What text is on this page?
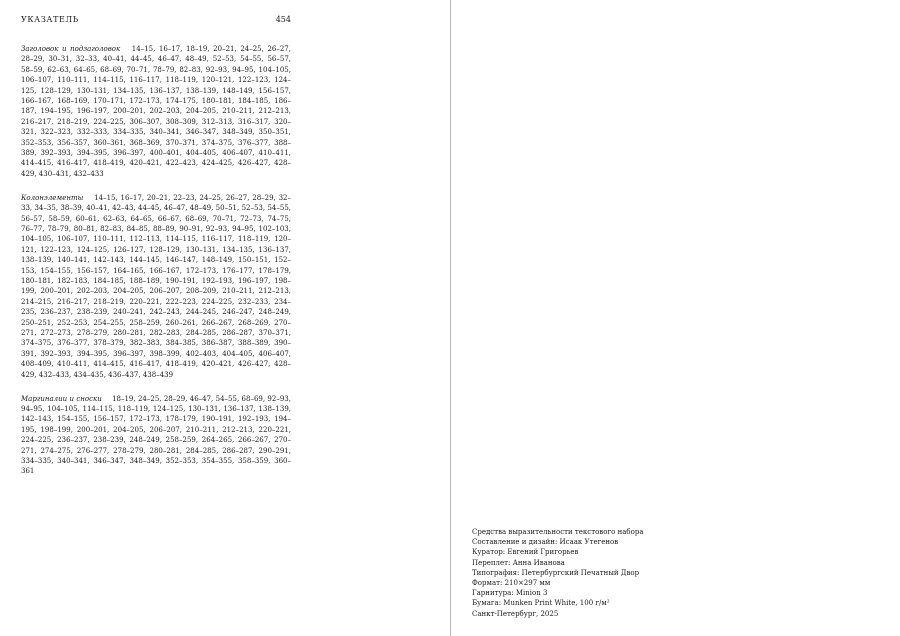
УКАЗАТЕЛЬ	454

Заголовок и подзаголовок 14–15, 16–17, 18–19, 20–21, 24–25, 26–27, 28–29, 30–31, 32–33, 40–41, 44–45, 46–47, 48–49, 52–53, 54–55, 56–57, 58–59, 62–63, 64–65, 68–69, 70–71, 78–79, 82–83, 92–93, 94–95, 104–105, 106–107, 110–111, 114–115, 116–117, 118–119, 120–121, 122–123, 124–125, 128–129, 130–131, 134–135, 136–137, 138–139, 148–149, 156–157, 166–167, 168–169, 170–171, 172–173, 174–175, 180–181, 184–185, 186–187, 194–195, 196–197, 200–201, 202–203, 204–205, 210–211, 212–213, 216–217, 218–219, 224–225, 306–307, 308–309, 312–313, 316–317, 320–321, 322–323, 332–333, 334–335, 340–341, 346–347, 348–349, 350–351, 352–353, 356–357, 360–361, 368–369, 370–371, 374–375, 376–377, 388–389, 392–393, 394–395, 396–397, 400–401, 404–405, 406–407, 410–411, 414–415, 416–417, 418–419, 420–421, 422–423, 424–425, 426–427, 428–429, 430–431, 432–433

Колонэлементы 14–15, 16–17, 20–21, 22–23, 24–25, 26–27, 28–29, 32–33, 34–35, 38–39, 40–41, 42–43, 44–45, 46–47, 48–49, 50–51, 52–53, 54–55, 56–57, 58–59, 60–61, 62–63, 64–65, 66–67, 68–69, 70–71, 72–73, 74–75, 76–77, 78–79, 80–81, 82–83, 84–85, 88–89, 90–91, 92–93, 94–95, 102–103, 104–105, 106–107, 110–111, 112–113, 114–115, 116–117, 118–119, 120–121, 122–123, 124–125, 126–127, 128–129, 130–131, 134–135, 136–137, 138–139, 140–141, 142–143, 144–145, 146–147, 148–149, 150–151, 152–153, 154–155, 156–157, 164–165, 166–167, 172–173, 176–177, 178–179, 180–181, 182–183, 184–185, 188–189, 190–191, 192–193, 196–197, 198–199, 200–201, 202–203, 204–205, 206–207, 208–209, 210–211, 212–213, 214–215, 216–217, 218–219, 220–221, 222–223, 224–225, 232–233, 234–235, 236–237, 238–239, 240–241, 242–243, 244–245, 246–247, 248–249, 250–251, 252–253, 254–255, 258–259, 260–261, 266–267, 268–269, 270–271, 272–273, 278–279, 280–281, 282–283, 284–285, 286–287, 370–371, 374–375, 376–377, 378–379, 382–383, 384–385, 386–387, 388–389, 390–391, 392–393, 394–395, 396–397, 398–399, 402–403, 404–405, 406–407, 408–409, 410–411, 414–415, 416–417, 418–419, 420–421, 426–427, 428–429, 432–433, 434–435, 436–437, 438–439

Маргиналии и сноски 18–19, 24–25, 28–29, 46–47, 54–55, 68–69, 92–93, 94–95, 104–105, 114–115, 118–119, 124–125, 130–131, 136–137, 138–139, 142–143, 154–155, 156–157, 172–173, 178–179, 190–191, 192–193, 194–195, 198–199, 200–201, 204–205, 206–207, 210–211, 212–213, 220–221, 224–225, 236–237, 238–239, 248–249, 258–259, 264–265, 266–267, 270–271, 274–275, 276–277, 278–279, 280–281, 284–285, 286–287, 290–291, 334–335, 340–341, 346–347, 348–349, 352–353, 354–355, 358–359, 360–361

Средства выразительности текстового набора
Составление и дизайн: Исаак Утегенов
Куратор: Евгений Григорьев
Переплет: Анна Иванова
Типография: Петербургский Печатный Двор
Формат: 210×297 мм
Гарнитура: Minion 3
Бумага: Munken Print White, 100 г/м²
Санкт-Петербург, 2025
